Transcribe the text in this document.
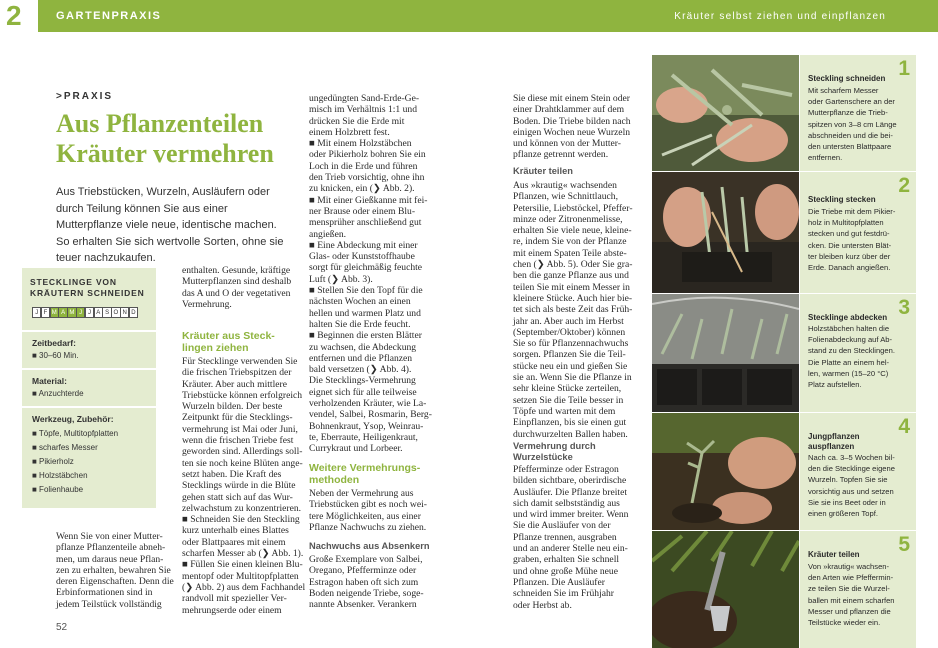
2	GARTENPRAXIS	Kräuter selbst ziehen und einpflanzen
>PRAXIS
Aus Pflanzenteilen
Kräuter vermehren
Aus Triebstücken, Wurzeln, Ausläufern oder durch Teilung können Sie aus einer Mutterpflanze viele neue, identische machen. So erhalten Sie sich wertvolle Sorten, ohne sie teuer nachzukaufen.
STECKLINGE VON
KRÄUTERN SCHNEIDEN
J F M A M J J A S O N D
Zeitbedarf:
■ 30–60 Min.
Material:
■ Anzuchterde
Werkzeug, Zubehör:
■ Töpfe, Multitopfplatten
■ scharfes Messer
■ Pikierholz
■ Holzstäbchen
■ Folienhaube

Wenn Sie von einer Mutter-

pflanze Pflanzenteile abneh-

men, um daraus neue Pflan-

zen zu erhalten, bewahren Sie

deren Eigenschaften. Denn die

Erbinformationen sind in

jedem Teilstück vollständig

52

enthalten. Gesunde, kräftige

Mutterpflanzen sind deshalb

das A und O der vegetativen

Vermehrung.

Kräuter aus Steck-
lingen ziehen

Für Stecklinge verwenden Sie

die frischen Triebspitzen der

Kräuter. Aber auch mittlere

Triebstücke können erfolgreich

Wurzeln bilden. Der beste

Zeitpunkt für die Stecklings-

vermehrung ist Mai oder Juni,

wenn die frischen Triebe fest

geworden sind. Allerdings soll-

ten sie noch keine Blüten ange-

setzt haben. Die Kraft des

Stecklings würde in die Blüte

gehen statt sich auf das Wur-

zelwachstum zu konzentrieren.

■ Schneiden Sie den Steckling

kurz unterhalb eines Blattes

oder Blattpaares mit einem

scharfen Messer ab (❯ Abb. 1).

■ Füllen Sie einen kleinen Blu-

mentopf oder Multitopfplatten

(❯ Abb. 2) aus dem Fachhandel

randvoll mit spezieller Ver-

mehrungserde oder einem

ungedüngten Sand-Erde-Ge-

misch im Verhältnis 1:1 und

drücken Sie die Erde mit

einem Holzbrett fest.

■ Mit einem Holzstäbchen

oder Pikierholz bohren Sie ein

Loch in die Erde und führen

den Trieb vorsichtig, ohne ihn

zu knicken, ein (❯ Abb. 2).

■ Mit einer Gießkanne mit fei-

ner Brause oder einem Blu-

mensprüher anschließend gut

angießen.

■ Eine Abdeckung mit einer

Glas- oder Kunststoffhaube

sorgt für gleichmäßig feuchte

Luft (❯ Abb. 3).

■ Stellen Sie den Topf für die

nächsten Wochen an einen

hellen und warmen Platz und

halten Sie die Erde feucht.

■ Beginnen die ersten Blätter

zu wachsen, die Abdeckung

entfernen und die Pflanzen

bald versetzen (❯ Abb. 4).

Die Stecklings-Vermehrung

eignet sich für alle teilweise

verholzenden Kräuter, wie La-

vendel, Salbei, Rosmarin, Berg-

Bohnenkraut, Ysop, Weinrau-

te, Eberraute, Heiligenkraut,

Currykraut und Lorbeer.

Weitere Vermehrungs-
methoden

Neben der Vermehrung aus

Triebstücken gibt es noch wei-

tere Möglichkeiten, aus einer

Pflanze Nachwuchs zu ziehen.

Nachwuchs aus Absenkern

Große Exemplare von Salbei,

Oregano, Pfefferminze oder

Estragon haben oft sich zum

Boden neigende Triebe, soge-

nannte Absenker. Verankern

Sie diese mit einem Stein oder

einer Drahtklammer auf dem

Boden. Die Triebe bilden nach

einigen Wochen neue Wurzeln

und können von der Mutter-

pflanze getrennt werden.

Kräuter teilen

Aus »krautig« wachsenden

Pflanzen, wie Schnittlauch,

Petersilie, Liebstöckel, Pfeffer-

minze oder Zitronenmelisse,

erhalten Sie viele neue, kleine-

re, indem Sie von der Pflanze

mit einem Spaten Teile abste-

chen (❯ Abb. 5). Oder Sie gra-

ben die ganze Pflanze aus und

teilen Sie mit einem Messer in

kleinere Stücke. Auch hier bie-

tet sich als beste Zeit das Früh-

jahr an. Aber auch im Herbst

(September/Oktober) können

Sie so für Pflanzennachwuchs

sorgen. Pflanzen Sie die Teil-

stücke neu ein und gießen Sie

sie an. Wenn Sie die Pflanze in

sehr kleine Stücke zerteilen,

setzen Sie die Teile besser in

Töpfe und warten mit dem

Einpflanzen, bis sie einen gut

durchwurzelten Ballen haben.

Vermehrung durch
Wurzelstücke

Pfefferminze oder Estragon

bilden sichtbare, oberirdische

Ausläufer. Die Pflanze breitet

sich damit selbstständig aus

und wird immer breiter. Wenn

Sie die Ausläufer von der

Pflanze trennen, ausgraben

und an anderer Stelle neu ein-

graben, erhalten Sie schnell

und ohne große Mühe neue

Pflanzen. Die Ausläufer

schneiden Sie im Frühjahr

oder Herbst ab.

1
Steckling schneiden

Mit scharfem Messer

oder Gartenschere an der

Mutterpflanze die Trieb-

spitzen von 3–8 cm Länge

abschneiden und die bei-

den untersten Blattpaare

entfernen.

2
Steckling stecken

Die Triebe mit dem Pikier-

holz in Multitopfplatten

stecken und gut festdrü-

cken. Die untersten Blät-

ter bleiben kurz über der

Erde. Danach angießen.

3
Stecklinge abdecken

Holzstäbchen halten die

Folienabdeckung auf Ab-

stand zu den Stecklingen.

Die Platte an einem hel-

len, warmen (15–20 °C)

Platz aufstellen.

4
Jungpflanzen
auspflanzen

Nach ca. 3–5 Wochen bil-

den die Stecklinge eigene

Wurzeln. Topfen Sie sie

vorsichtig aus und setzen

Sie sie ins Beet oder in

einen größeren Topf.

5
Kräuter teilen

Von »krautig« wachsen-

den Arten wie Pfeffermin-

ze teilen Sie die Wurzel-

ballen mit einem scharfen

Messer und pflanzen die

Teilstücke wieder ein.
